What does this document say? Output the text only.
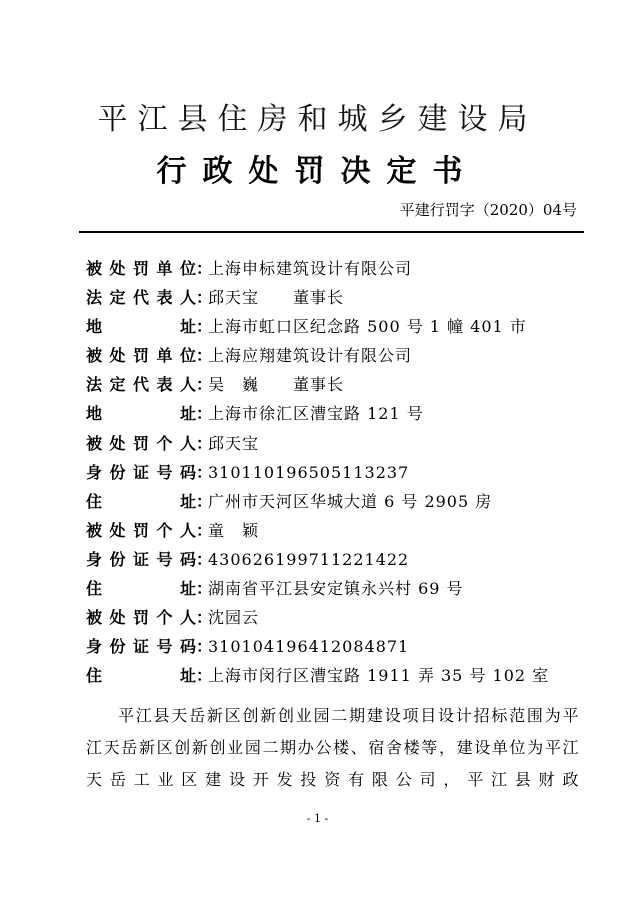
平江县住房和城乡建设局
行政处罚决定书
平建行罚字（2020）04号
被处罚单位：上海申标建筑设计有限公司
法定代表人：邱天宝　　董事长
地址：上海市虹口区纪念路 500 号 1 幢 401 市
被处罚单位：上海应翔建筑设计有限公司
法定代表人：吴　巍　　董事长
地址：上海市徐汇区漕宝路 121 号
被处罚个人：邱天宝
身份证号码：310110196505113237
住址：广州市天河区华城大道 6 号 2905 房
被处罚个人：童　颖
身份证号码：430626199711221422
住址：湖南省平江县安定镇永兴村 69 号
被处罚个人：沈园云
身份证号码：310104196412084871
住址：上海市闵行区漕宝路 1911 弄 35 号 102 室
平江县天岳新区创新创业园二期建设项目设计招标范围为平江天岳新区创新创业园二期办公楼、宿舍楼等，建设单位为平江天岳工业区建设开发投资有限公司，平江县财政
- 1 -
